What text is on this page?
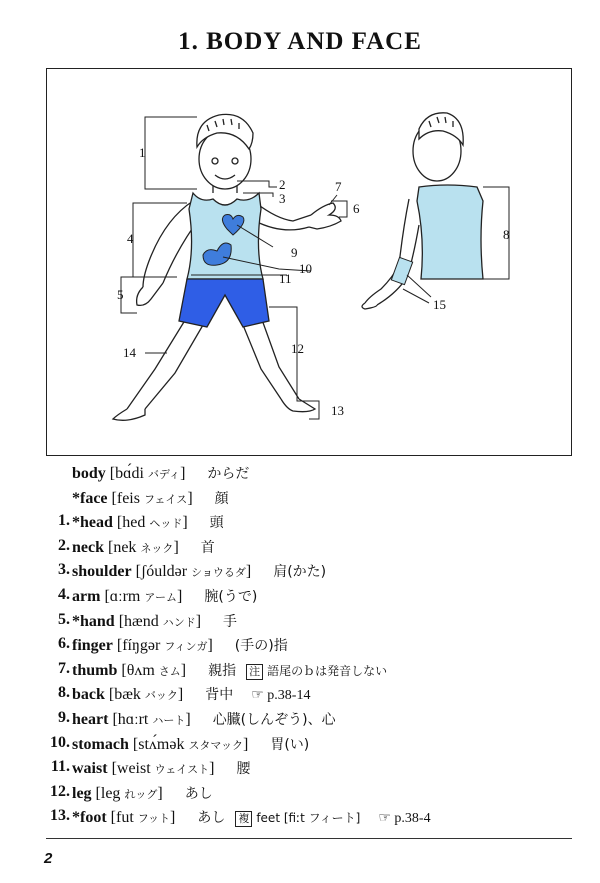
1. BODY AND FACE
1
2
3
4
5
6
7
8
9
10
11
12
13
14
15
body [bɑ́di バディ] からだ
*face [feis フェイス] 顔
1. *head [hed ヘッド] 頭
2. neck [nek ネック] 首
3. shoulder [ʃóuldər ショウるダ] 肩(かた)
4. arm [ɑːrm アーム] 腕(うで)
5. *hand [hænd ハンド] 手
6. finger [fíŋgər フィンガ] (手の)指
7. thumb [θʌm さム] 親指 注 語尾のｂは発音しない
8. back [bæk バック] 背中 ☞ p.38-14
9. heart [hɑːrt ハート] 心臓(しんぞう)、心
10. stomach [stʌ́mək スタマック] 胃(い)
11. waist [weist ウェイスト] 腰
12. leg [leg れッグ] あし
13. *foot [fut フット] あし 複 feet [fiːt フィート] ☞ p.38-4
2
